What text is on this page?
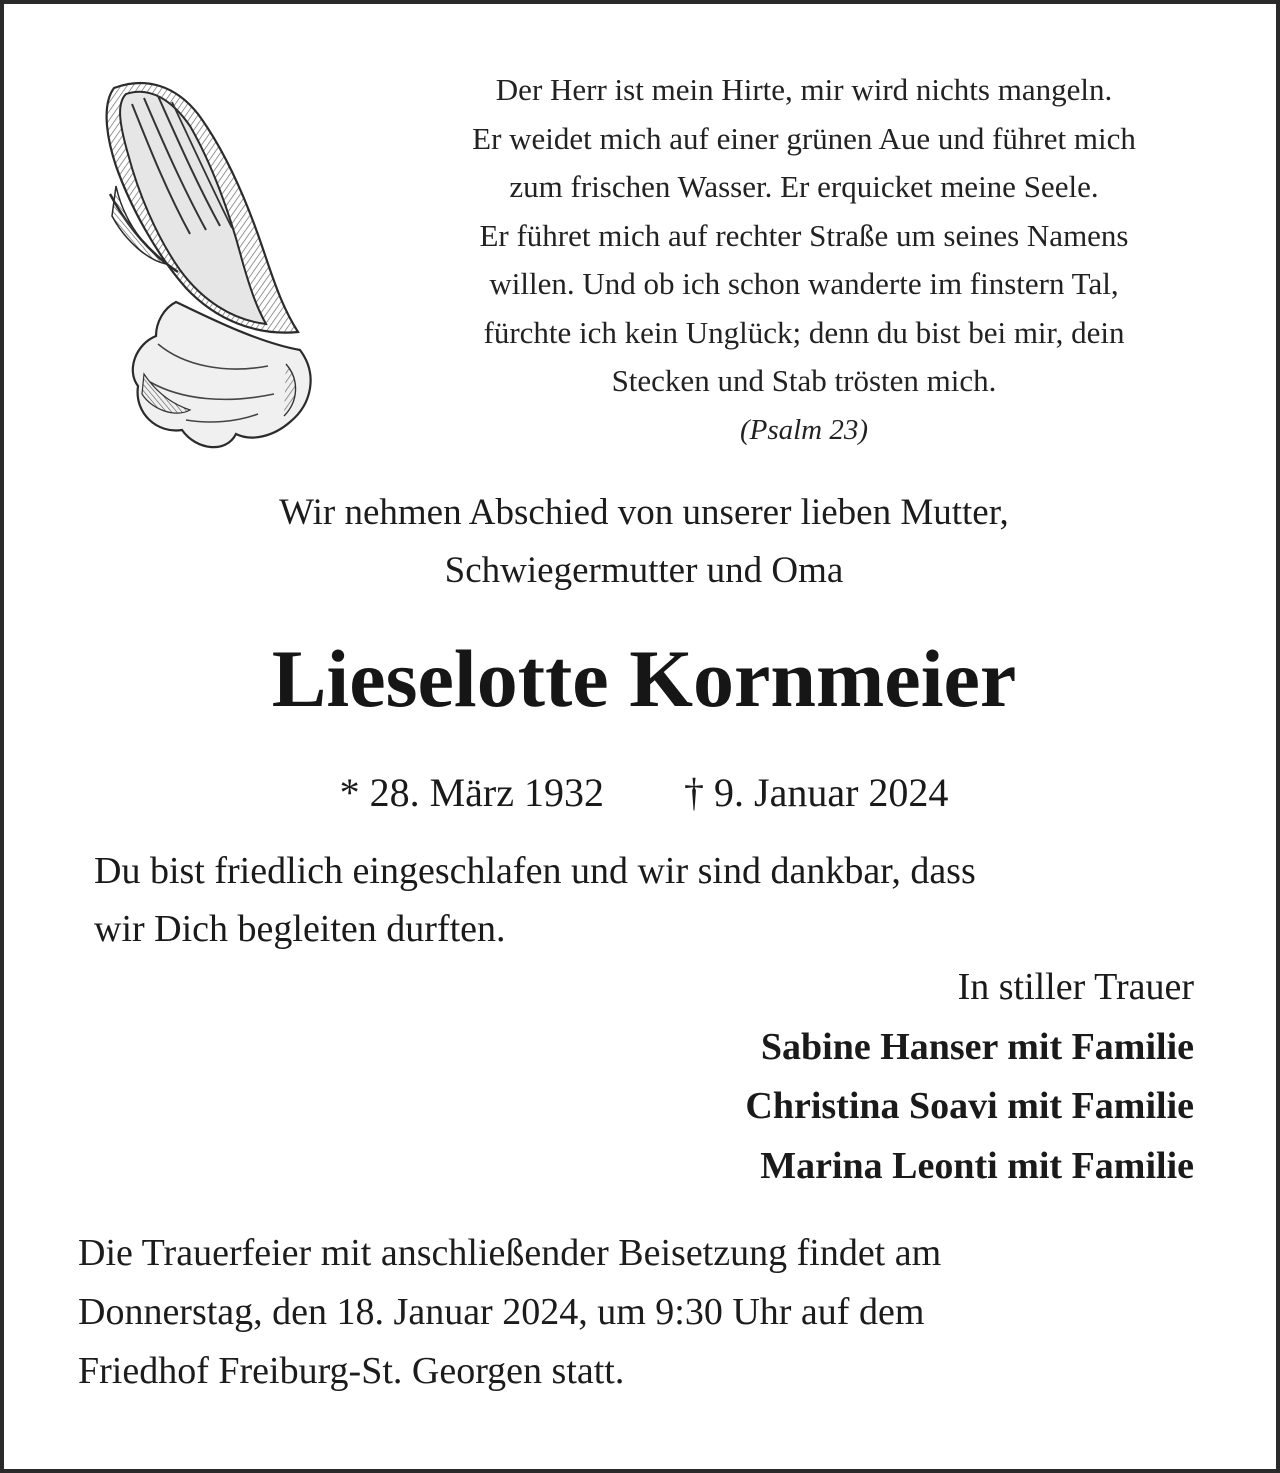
Der Herr ist mein Hirte, mir wird nichts mangeln.
Er weidet mich auf einer grünen Aue und führet mich
zum frischen Wasser. Er erquicket meine Seele.
Er führet mich auf rechter Straße um seines Namens
willen. Und ob ich schon wanderte im finstern Tal,
fürchte ich kein Unglück; denn du bist bei mir, dein
Stecken und Stab trösten mich.
(Psalm 23)
Wir nehmen Abschied von unserer lieben Mutter,
Schwiegermutter und Oma
Lieselotte Kornmeier
* 28. März 1932 † 9. Januar 2024
Du bist friedlich eingeschlafen und wir sind dankbar, dass
wir Dich begleiten durften.
In stiller Trauer
Sabine Hanser mit Familie
Christina Soavi mit Familie
Marina Leonti mit Familie
Die Trauerfeier mit anschließender Beisetzung findet am
Donnerstag, den 18. Januar 2024, um 9:30 Uhr auf dem
Friedhof Freiburg-St. Georgen statt.
